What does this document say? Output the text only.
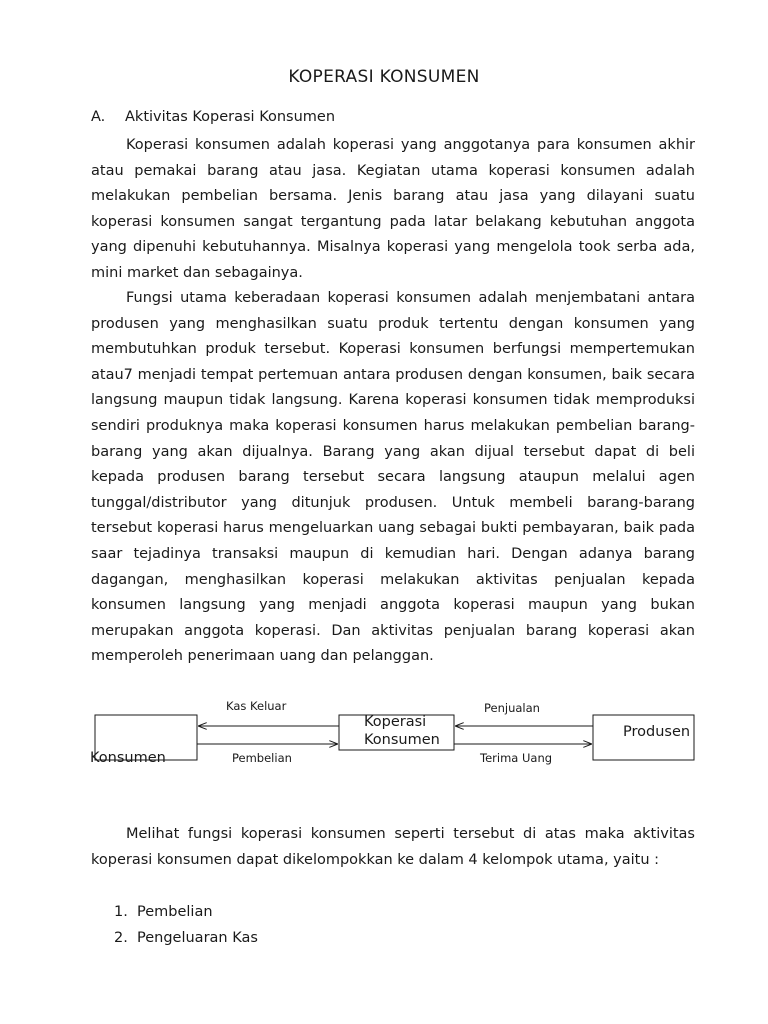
KOPERASI KONSUMEN
A. Aktivitas Koperasi Konsumen

Koperasi konsumen adalah koperasi yang anggotanya para konsumen akhir atau pemakai barang atau jasa. Kegiatan utama koperasi konsumen adalah melakukan pembelian bersama. Jenis barang atau jasa yang dilayani suatu koperasi konsumen sangat tergantung pada latar belakang kebutuhan anggota yang dipenuhi kebutuhannya. Misalnya koperasi yang mengelola took serba ada, mini market dan sebagainya.

Fungsi utama keberadaan koperasi konsumen adalah menjembatani antara produsen yang menghasilkan suatu produk tertentu dengan konsumen yang membutuhkan produk tersebut. Koperasi konsumen berfungsi mempertemukan atau7 menjadi tempat pertemuan antara produsen dengan konsumen, baik secara langsung maupun tidak langsung. Karena koperasi konsumen tidak memproduksi sendiri produknya maka koperasi konsumen harus melakukan pembelian barang-barang yang akan dijualnya. Barang yang akan dijual tersebut dapat di beli kepada produsen barang tersebut secara langsung ataupun melalui agen tunggal/distributor yang ditunjuk produsen. Untuk membeli barang-barang tersebut koperasi harus mengeluarkan uang sebagai bukti pembayaran, baik pada saar tejadinya transaksi maupun di kemudian hari. Dengan adanya barang dagangan, menghasilkan koperasi melakukan aktivitas penjualan kepada konsumen langsung yang menjadi anggota koperasi maupun yang bukan merupakan anggota koperasi. Dan aktivitas penjualan barang koperasi akan memperoleh penerimaan uang dan pelanggan.

Kas Keluar
Pembelian
Penjualan
Terima Uang
Koperasi
Konsumen
Konsumen
Produsen

Melihat fungsi koperasi konsumen seperti tersebut di atas maka aktivitas koperasi konsumen dapat dikelompokkan ke dalam 4 kelompok utama, yaitu :

1. Pembelian
2. Pengeluaran Kas
